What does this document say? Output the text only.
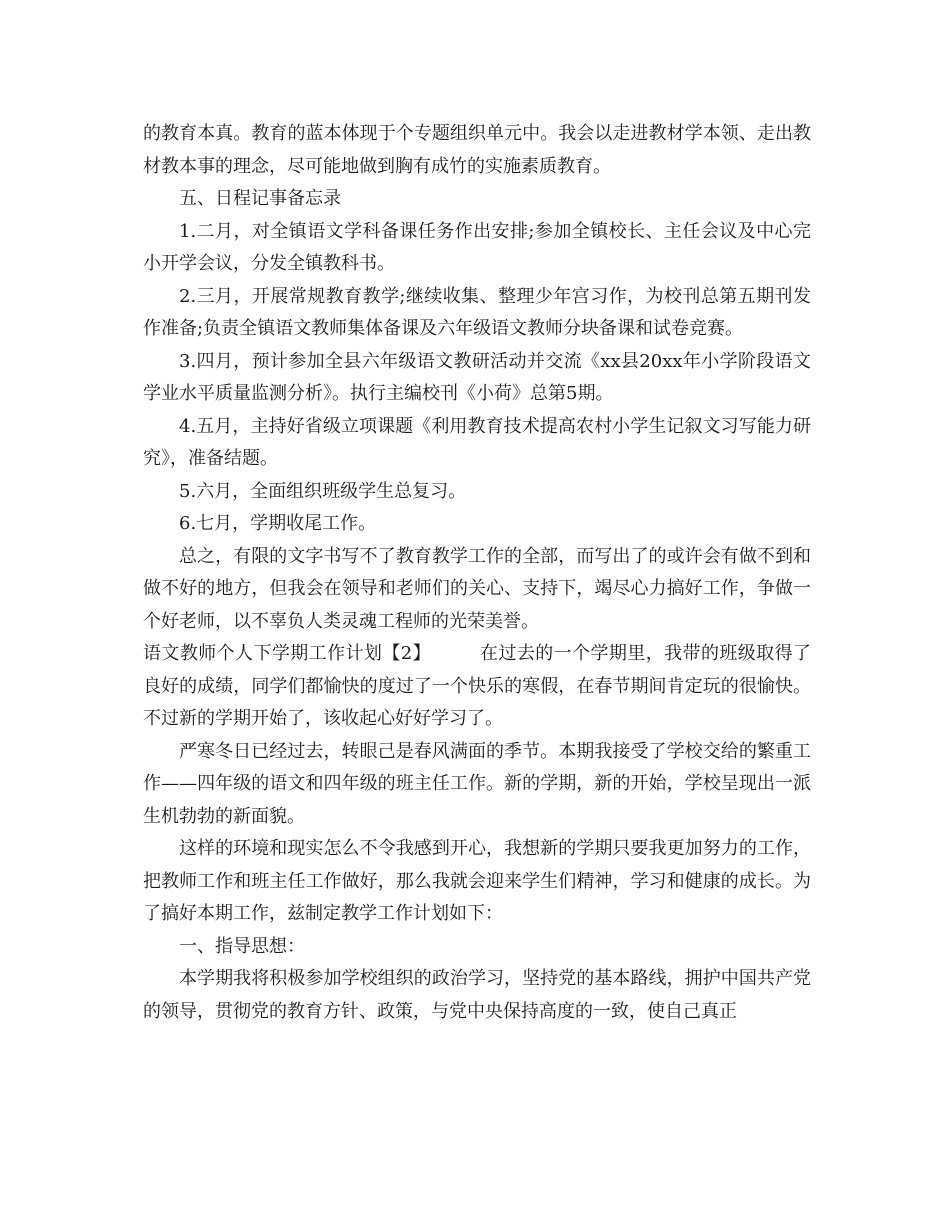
的教育本真。教育的蓝本体现于个专题组织单元中。我会以走进教材学本领、走出教材教本事的理念，尽可能地做到胸有成竹的实施素质教育。

五、日程记事备忘录

1.二月，对全镇语文学科备课任务作出安排;参加全镇校长、主任会议及中心完小开学会议，分发全镇教科书。

2.三月，开展常规教育教学;继续收集、整理少年宫习作，为校刊总第五期刊发作准备;负责全镇语文教师集体备课及六年级语文教师分块备课和试卷竞赛。

3.四月，预计参加全县六年级语文教研活动并交流《xx县20xx年小学阶段语文学业水平质量监测分析》。执行主编校刊《小荷》总第5期。

4.五月，主持好省级立项课题《利用教育技术提高农村小学生记叙文习写能力研究》，准备结题。

5.六月，全面组织班级学生总复习。

6.七月，学期收尾工作。

总之，有限的文字书写不了教育教学工作的全部，而写出了的或许会有做不到和做不好的地方，但我会在领导和老师们的关心、支持下，竭尽心力搞好工作，争做一个好老师，以不辜负人类灵魂工程师的光荣美誉。

语文教师个人下学期工作计划【2】	在过去的一个学期里，我带的班级取得了良好的成绩，同学们都愉快的度过了一个快乐的寒假，在春节期间肯定玩的很愉快。不过新的学期开始了，该收起心好好学习了。

严寒冬日已经过去，转眼己是春风满面的季节。本期我接受了学校交给的繁重工作——四年级的语文和四年级的班主任工作。新的学期，新的开始，学校呈现出一派生机勃勃的新面貌。

这样的环境和现实怎么不令我感到开心，我想新的学期只要我更加努力的工作，把教师工作和班主任工作做好，那么我就会迎来学生们精神，学习和健康的成长。为了搞好本期工作，兹制定教学工作计划如下：

一、指导思想：

本学期我将积极参加学校组织的政治学习，坚持党的基本路线，拥护中国共产党的领导，贯彻党的教育方针、政策，与党中央保持高度的一致，使自己真正
